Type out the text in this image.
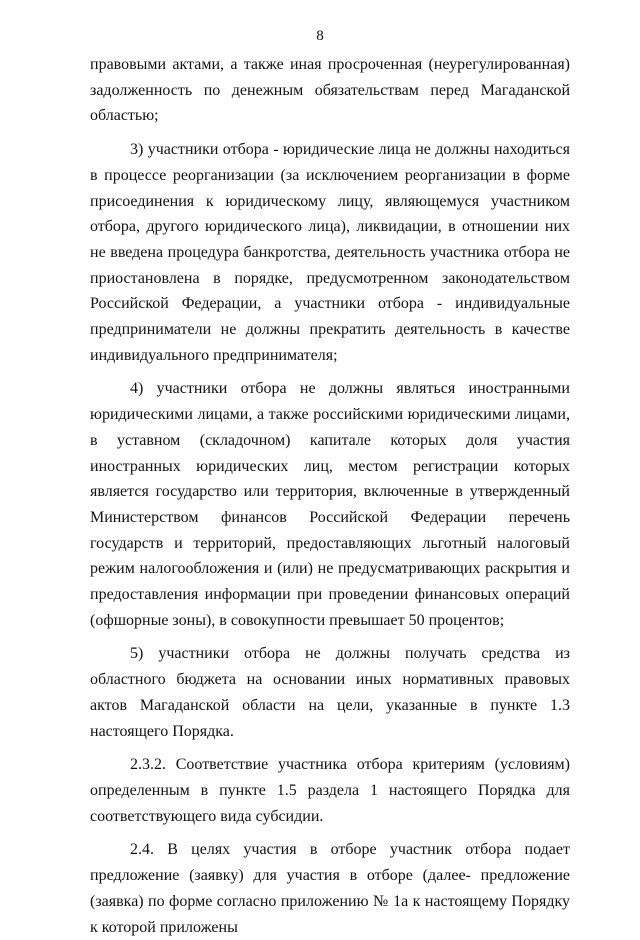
8

правовыми актами, а также иная просроченная (неурегулированная) задолженность по денежным обязательствам перед Магаданской областью;

3) участники отбора - юридические лица не должны находиться в процессе реорганизации (за исключением реорганизации в форме присоединения к юридическому лицу, являющемуся участником отбора, другого юридического лица), ликвидации, в отношении них не введена процедура банкротства, деятельность участника отбора не приостановлена в порядке, предусмотренном законодательством Российской Федерации, а участники отбора - индивидуальные предприниматели не должны прекратить деятельность в качестве индивидуального предпринимателя;

4) участники отбора не должны являться иностранными юридическими лицами, а также российскими юридическими лицами, в уставном (складочном) капитале которых доля участия иностранных юридических лиц, местом регистрации которых является государство или территория, включенные в утвержденный Министерством финансов Российской Федерации перечень государств и территорий, предоставляющих льготный налоговый режим налогообложения и (или) не предусматривающих раскрытия и предоставления информации при проведении финансовых операций (офшорные зоны), в совокупности превышает 50 процентов;

5) участники отбора не должны получать средства из областного бюджета на основании иных нормативных правовых актов Магаданской области на цели, указанные в пункте 1.3 настоящего Порядка.

2.3.2. Соответствие участника отбора критериям (условиям) определенным в пункте 1.5 раздела 1 настоящего Порядка для соответствующего вида субсидии.

2.4. В целях участия в отборе участник отбора подает предложение (заявку) для участия в отборе (далее- предложение (заявка) по форме согласно приложению № 1а к настоящему Порядку к которой приложены
